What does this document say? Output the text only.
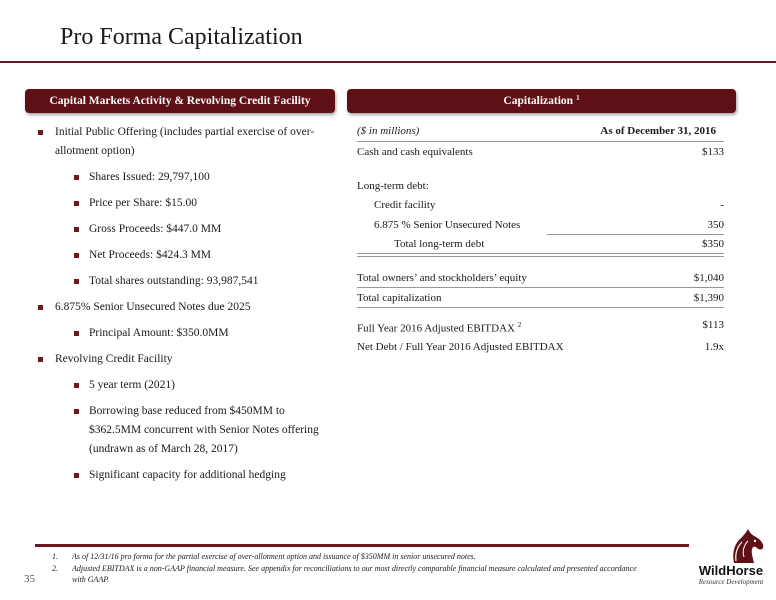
Pro Forma Capitalization
Capital Markets Activity & Revolving Credit Facility	Capitalization $^1$
Initial Public Offering (includes partial exercise of over-allotment option)
Shares Issued: 29,797,100
Price per Share: $15.00
Gross Proceeds: $447.0 MM
Net Proceeds: $424.3 MM
Total shares outstanding: 93,987,541
6.875% Senior Unsecured Notes due 2025
Principal Amount: $350.0MM
Revolving Credit Facility
5 year term (2021)
Borrowing base reduced from $450MM to $362.5MM concurrent with Senior Notes offering (undrawn as of March 28, 2017)
Significant capacity for additional hedging
($ in millions)	As of December 31, 2016
Cash and cash equivalents	$133
Long-term debt:
Credit facility	-
6.875 % Senior Unsecured Notes	350
Total long-term debt	$350
Total owners’ and stockholders’ equity	$1,040
Total capitalization	$1,390
Full Year 2016 Adjusted EBITDAX $^2$	$113
Net Debt / Full Year 2016 Adjusted EBITDAX	1.9x
35
1. As of 12/31/16 pro forma for the partial exercise of over-allotment option and issuance of $350MM in senior unsecured notes.
2. Adjusted EBITDAX is a non-GAAP financial measure. See appendix for reconciliations to our most directly comparable financial measure calculated and presented accordance with GAAP.
WildHorse
Resource Development
